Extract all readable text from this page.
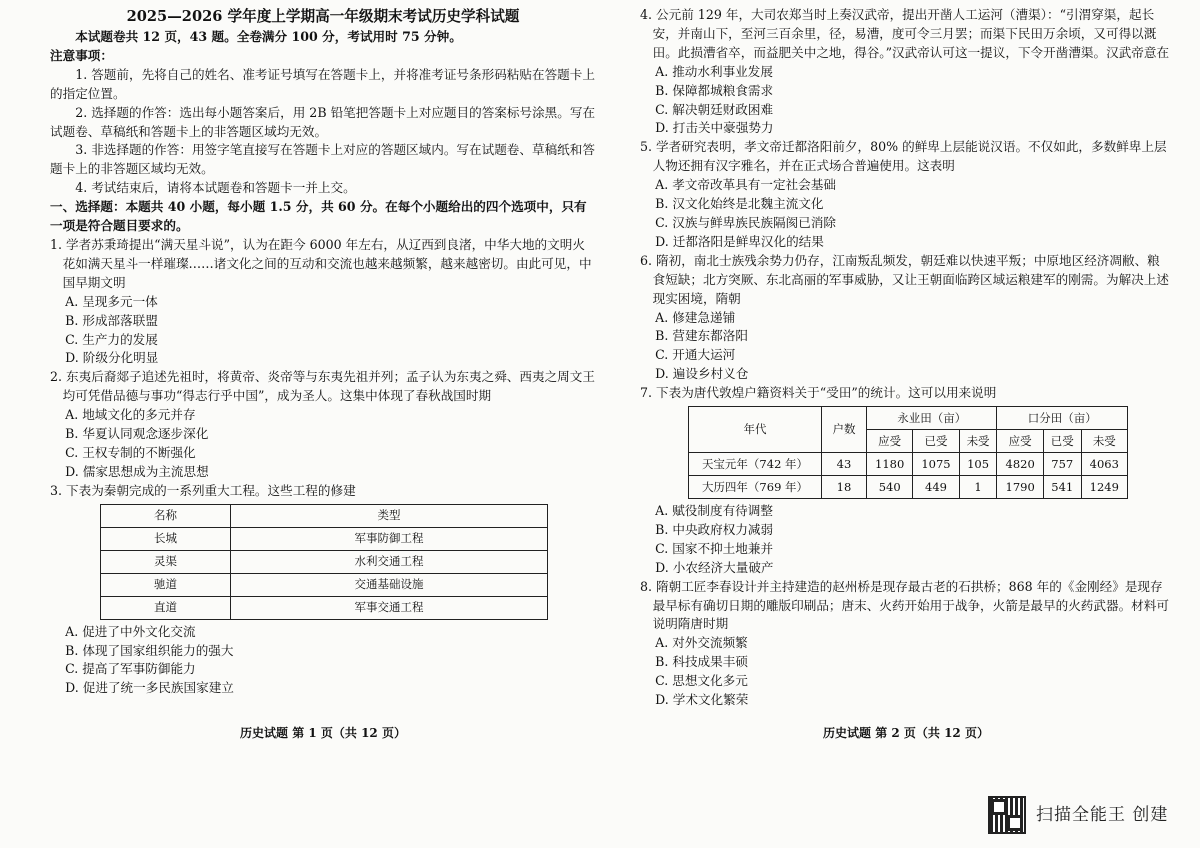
2025—2026 学年度上学期高一年级期末考试历史学科试题
本试题卷共 12 页，43 题。全卷满分 100 分，考试用时 75 分钟。
注意事项：
1. 答题前，先将自己的姓名、准考证号填写在答题卡上，并将准考证号条形码粘贴在答题卡上的指定位置。
2. 选择题的作答：选出每小题答案后，用 2B 铅笔把答题卡上对应题目的答案标号涂黑。写在试题卷、草稿纸和答题卡上的非答题区域均无效。
3. 非选择题的作答：用签字笔直接写在答题卡上对应的答题区域内。写在试题卷、草稿纸和答题卡上的非答题区域均无效。
4. 考试结束后，请将本试题卷和答题卡一并上交。
一、选择题：本题共 40 小题，每小题 1.5 分，共 60 分。在每个小题给出的四个选项中，只有一项是符合题目要求的。
1. 学者苏秉琦提出“满天星斗说”，认为在距今 6000 年左右，从辽西到良渚，中华大地的文明火花如满天星斗一样璀璨……诸文化之间的互动和交流也越来越频繁，越来越密切。由此可见，中国早期文明
A. 呈现多元一体
B. 形成部落联盟
C. 生产力的发展
D. 阶级分化明显
2. 东夷后裔郯子追述先祖时，将黄帝、炎帝等与东夷先祖并列；孟子认为东夷之舜、西夷之周文王均可凭借品德与事功“得志行乎中国”，成为圣人。这集中体现了春秋战国时期
A. 地域文化的多元并存
B. 华夏认同观念逐步深化
C. 王权专制的不断强化
D. 儒家思想成为主流思想
3. 下表为秦朝完成的一系列重大工程。这些工程的修建
名称	类型
长城	军事防御工程
灵渠	水利交通工程
驰道	交通基础设施
直道	军事交通工程
A. 促进了中外文化交流
B. 体现了国家组织能力的强大
C. 提高了军事防御能力
D. 促进了统一多民族国家建立
4. 公元前 129 年，大司农郑当时上奏汉武帝，提出开凿人工运河（漕渠）：“引渭穿渠，起长安，并南山下，至河三百余里，径，易漕，度可令三月罢；而渠下民田万余顷，又可得以溉田。此损漕省卒，而益肥关中之地，得谷。”汉武帝认可这一提议，下令开凿漕渠。汉武帝意在
A. 推动水利事业发展
B. 保障都城粮食需求
C. 解决朝廷财政困难
D. 打击关中豪强势力
5. 学者研究表明，孝文帝迁都洛阳前夕，80% 的鲜卑上层能说汉语。不仅如此，多数鲜卑上层人物还拥有汉字雅名，并在正式场合普遍使用。这表明
A. 孝文帝改革具有一定社会基础
B. 汉文化始终是北魏主流文化
C. 汉族与鲜卑族民族隔阂已消除
D. 迁都洛阳是鲜卑汉化的结果
6. 隋初，南北士族残余势力仍存，江南叛乱频发，朝廷难以快速平叛；中原地区经济凋敝、粮食短缺；北方突厥、东北高丽的军事威胁，又让王朝面临跨区域运粮建军的刚需。为解决上述现实困境，隋朝
A. 修建急递铺
B. 营建东都洛阳
C. 开通大运河
D. 遍设乡村义仓
7. 下表为唐代敦煌户籍资料关于“受田”的统计。这可以用来说明
年代	户数	永业田（亩）			口分田（亩）		
		应受	已受	未受	应受	已受	未受
天宝元年（742 年）	43	1180	1075	105	4820	757	4063
大历四年（769 年）	18	540	449	1	1790	541	1249
A. 赋役制度有待调整
B. 中央政府权力减弱
C. 国家不抑土地兼并
D. 小农经济大量破产
8. 隋朝工匠李春设计并主持建造的赵州桥是现存最古老的石拱桥；868 年的《金刚经》是现存最早标有确切日期的雕版印刷品；唐末、火药开始用于战争，火箭是最早的火药武器。材料可说明隋唐时期
A. 对外交流频繁
B. 科技成果丰硕
C. 思想文化多元
D. 学术文化繁荣
历史试题 第 1 页（共 12 页）	历史试题 第 2 页（共 12 页）
扫描全能王 创建
